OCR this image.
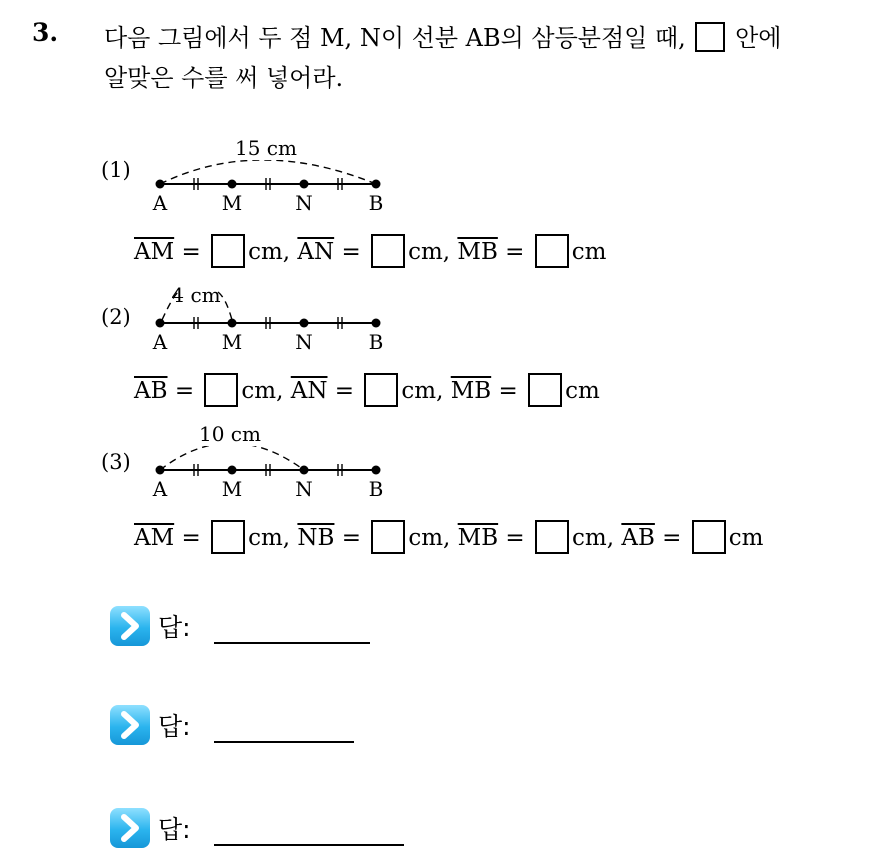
3. 다음 그림에서 두 점 M, N이 선분 AB의 삼등분점일 때, 안에
알맞은 수를 써 넣어라.
(1)
15 cm
A	M	N	B
$\overline{AM}$ = cm, $\overline{AN}$ = cm, $\overline{MB}$ = cm
(2)
4 cm
A	M	N	B
$\overline{AB}$ = cm, $\overline{AN}$ = cm, $\overline{MB}$ = cm
(3)
10 cm
A	M	N	B
$\overline{AM}$ = cm, $\overline{NB}$ = cm, $\overline{MB}$ = cm, $\overline{AB}$ = cm
답:
답:
답:
